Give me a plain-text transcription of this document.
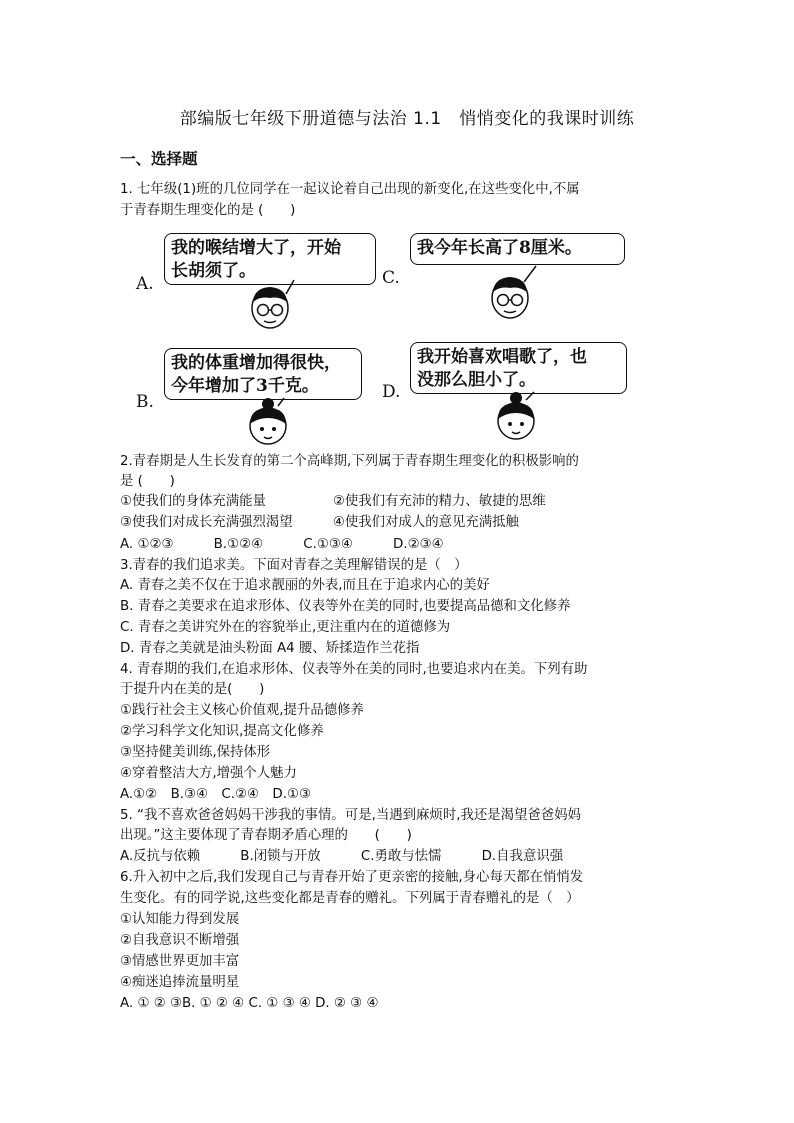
部编版七年级下册道德与法治 1.1　悄悄变化的我课时训练
一、选择题
1. 七年级(1)班的几位同学在一起议论着自己出现的新变化,在这些变化中,不属
于青春期生理变化的是 (　　)
A.
我的喉结增大了，开始
长胡须了。	C.
我今年长高了8厘米。
B.
我的体重增加得很快，
今年增加了3千克。	D.
我开始喜欢唱歌了，也
没那么胆小了。
2.青春期是人生长发育的第二个高峰期,下列属于青春期生理变化的积极影响的
是 (　　)
①使我们的身体充满能量　　　　　②使我们有充沛的精力、敏捷的思维
③使我们对成长充满强烈渴望　　　④使我们对成人的意见充满抵触
A. ①②③　　　B.①②④　　　C.①③④　　　D.②③④
3.青春的我们追求美。下面对青春之美理解错误的是（　）
A. 青春之美不仅在于追求靓丽的外表,而且在于追求内心的美好
B. 青春之美要求在追求形体、仪表等外在美的同时,也要提高品德和文化修养
C. 青春之美讲究外在的容貌举止,更注重内在的道德修为
D. 青春之美就是油头粉面 A4 腰、矫揉造作兰花指
4. 青春期的我们,在追求形体、仪表等外在美的同时,也要追求内在美。下列有助
于提升内在美的是(　　)
①践行社会主义核心价值观,提升品德修养
②学习科学文化知识,提高文化修养
③坚持健美训练,保持体形
④穿着整洁大方,增强个人魅力
A.①②　B.③④　C.②④　D.①③
5. “我不喜欢爸爸妈妈干涉我的事情。可是,当遇到麻烦时,我还是渴望爸爸妈妈
出现。”这主要体现了青春期矛盾心理的　　(　　)
A.反抗与依赖　　　B.闭锁与开放　　　C.勇敢与怯懦　　　D.自我意识强
6.升入初中之后,我们发现自己与青春开始了更亲密的接触,身心每天都在悄悄发
生变化。有的同学说,这些变化都是青春的赠礼。下列属于青春赠礼的是（　）
①认知能力得到发展
②自我意识不断增强
③情感世界更加丰富
④痴迷追捧流量明星
A. ① ② ③B. ① ② ④ C. ① ③ ④ D. ② ③ ④
